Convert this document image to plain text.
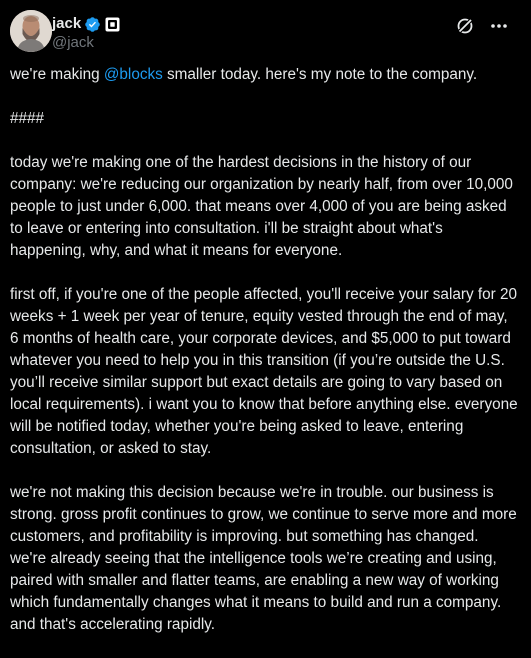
jack
@jack

we're making @blocks smaller today. here's my note to the company.

####

today we're making one of the hardest decisions in the history of our company: we're reducing our organization by nearly half, from over 10,000 people to just under 6,000. that means over 4,000 of you are being asked to leave or entering into consultation. i'll be straight about what's happening, why, and what it means for everyone.

first off, if you're one of the people affected, you'll receive your salary for 20 weeks + 1 week per year of tenure, equity vested through the end of may, 6 months of health care, your corporate devices, and $5,000 to put toward whatever you need to help you in this transition (if you’re outside the U.S. you’ll receive similar support but exact details are going to vary based on local requirements). i want you to know that before anything else. everyone will be notified today, whether you're being asked to leave, entering consultation, or asked to stay.

we're not making this decision because we're in trouble. our business is strong. gross profit continues to grow, we continue to serve more and more customers, and profitability is improving. but something has changed. we're already seeing that the intelligence tools we’re creating and using, paired with smaller and flatter teams, are enabling a new way of working which fundamentally changes what it means to build and run a company. and that's accelerating rapidly.
